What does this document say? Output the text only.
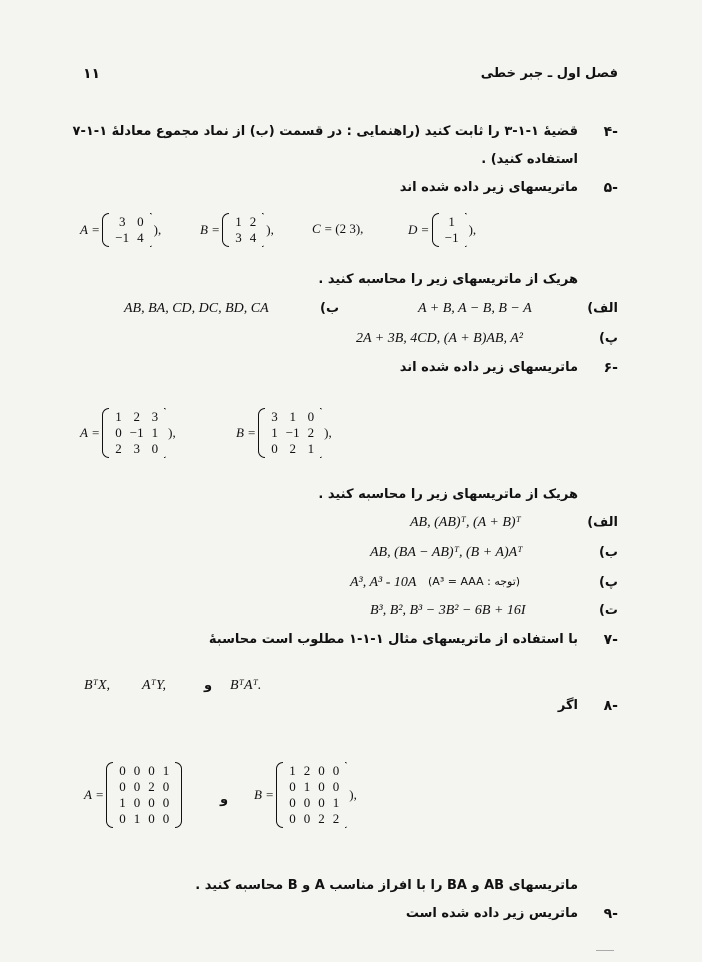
۱۱	فصل اول ـ جبر خطی
۴-
قضیهٔ ۱-۱-۳ را ثابت کنید (راهنمایی : در قسمت (ب) از نماد مجموع معادلهٔ ۱-۱-۷
استفاده کنید) .
۵-
ماتریسهای زیر داده شده اند
A =
3	0
−1	4
),	B =
1	2
3	4
),	C = (2 3),	D =
1
−1
),
هریک از ماتریسهای زیر را محاسبه کنید .
الف)
A + B, A − B, B − A
ب)
AB, BA, CD, DC, BD, CA
پ)
2A + 3B, 4CD, (A + B)AB, A²
۶-
ماتریسهای زیر داده شده اند
A =
1	2	3
0	−1	1
2	3	0
),	B =
3	1	0
1	−1	2
0	2	1
),
هریک از ماتریسهای زیر را محاسبه کنید .
الف)
AB, (AB)ᵀ, (A + B)ᵀ
ب)
AB, (BA − AB)ᵀ, (B + A)Aᵀ
پ)
A³, A³ - 10A (توجه : A³ = AAA)
ت)
B³, B², B³ − 3B² − 6B + 16I
۷-
با استفاده از ماتریسهای مثال ۱-۱-۱ مطلوب است محاسبهٔ
BᵀX, AᵀY,	و BᵀAᵀ.
۸-
اگر
A =
0	0	0	1
0	0	2	0
1	0	0	0
0	1	0	0
و B =
1	2	0	0
0	1	0	0
0	0	0	1
0	0	2	2
),
ماتریسهای AB و BA را با افراز مناسب A و B محاسبه کنید .
۹-
ماتریس زیر داده شده است
